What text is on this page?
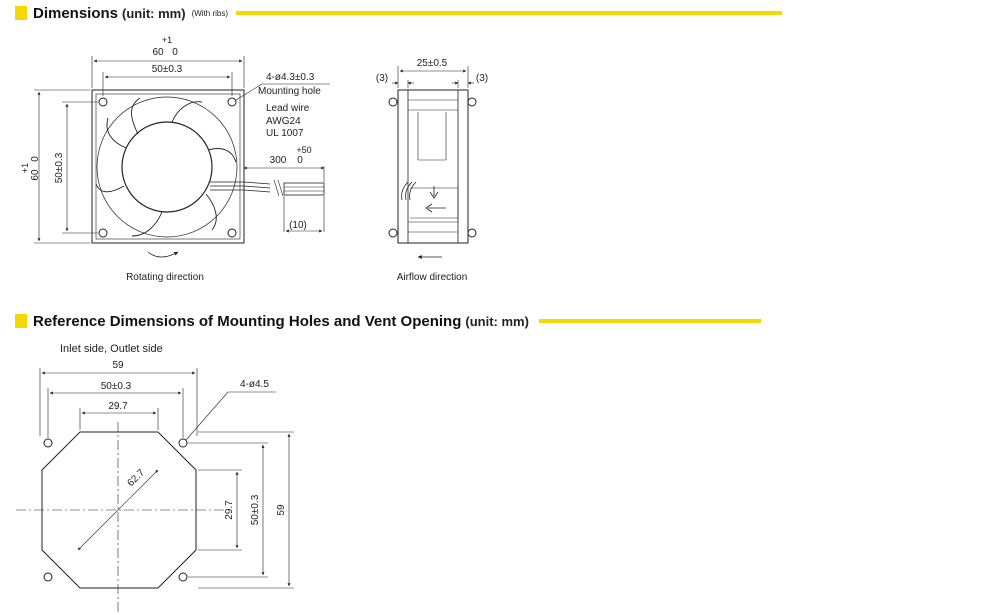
Dimensions (unit: mm) (With ribs)
Reference Dimensions of Mounting Holes and Vent Opening (unit: mm)
+1
60 0
50±0.3
+1
60
0 50±0.3
4-ø4.3±0.3
Mounting hole
Lead wire
AWG24
UL 1007
+50
300 0
(10)
Rotating direction
25±0.5
(3)	(3)
Airflow direction
Inlet side, Outlet side
59
50±0.3
29.7
4-ø4.5
62.7
29.7 50±0.3 59
